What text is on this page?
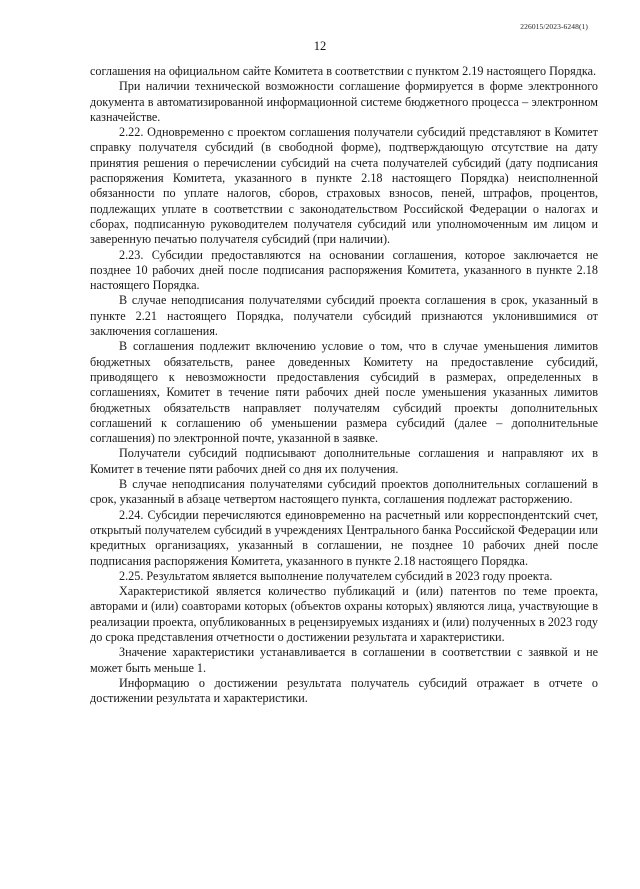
226015/2023-6248(1)
12

соглашения на официальном сайте Комитета в соответствии с пунктом 2.19 настоящего Порядка.

При наличии технической возможности соглашение формируется в форме электронного документа в автоматизированной информационной системе бюджетного процесса – электронном казначействе.

2.22. Одновременно с проектом соглашения получатели субсидий представляют в Комитет справку получателя субсидий (в свободной форме), подтверждающую отсутствие на дату принятия решения о перечислении субсидий на счета получателей субсидий (дату подписания распоряжения Комитета, указанного в пункте 2.18 настоящего Порядка) неисполненной обязанности по уплате налогов, сборов, страховых взносов, пеней, штрафов, процентов, подлежащих уплате в соответствии с законодательством Российской Федерации о налогах и сборах, подписанную руководителем получателя субсидий или уполномоченным им лицом и заверенную печатью получателя субсидий (при наличии).

2.23. Субсидии предоставляются на основании соглашения, которое заключается не позднее 10 рабочих дней после подписания распоряжения Комитета, указанного в пункте 2.18 настоящего Порядка.

В случае неподписания получателями субсидий проекта соглашения в срок, указанный в пункте 2.21 настоящего Порядка, получатели субсидий признаются уклонившимися от заключения соглашения.

В соглашения подлежит включению условие о том, что в случае уменьшения лимитов бюджетных обязательств, ранее доведенных Комитету на предоставление субсидий, приводящего к невозможности предоставления субсидий в размерах, определенных в соглашениях, Комитет в течение пяти рабочих дней после уменьшения указанных лимитов бюджетных обязательств направляет получателям субсидий проекты дополнительных соглашений к соглашению об уменьшении размера субсидий (далее – дополнительные соглашения) по электронной почте, указанной в заявке.

Получатели субсидий подписывают дополнительные соглашения и направляют их в Комитет в течение пяти рабочих дней со дня их получения.

В случае неподписания получателями субсидий проектов дополнительных соглашений в срок, указанный в абзаце четвертом настоящего пункта, соглашения подлежат расторжению.

2.24. Субсидии перечисляются единовременно на расчетный или корреспондентский счет, открытый получателем субсидий в учреждениях Центрального банка Российской Федерации или кредитных организациях, указанный в соглашении, не позднее 10 рабочих дней после подписания распоряжения Комитета, указанного в пункте 2.18 настоящего Порядка.

2.25. Результатом является выполнение получателем субсидий в 2023 году проекта.

Характеристикой является количество публикаций и (или) патентов по теме проекта, авторами и (или) соавторами которых (объектов охраны которых) являются лица, участвующие в реализации проекта, опубликованных в рецензируемых изданиях и (или) полученных в 2023 году до срока представления отчетности о достижении результата и характеристики.

Значение характеристики устанавливается в соглашении в соответствии с заявкой и не может быть меньше 1.

Информацию о достижении результата получатель субсидий отражает в отчете о достижении результата и характеристики.
